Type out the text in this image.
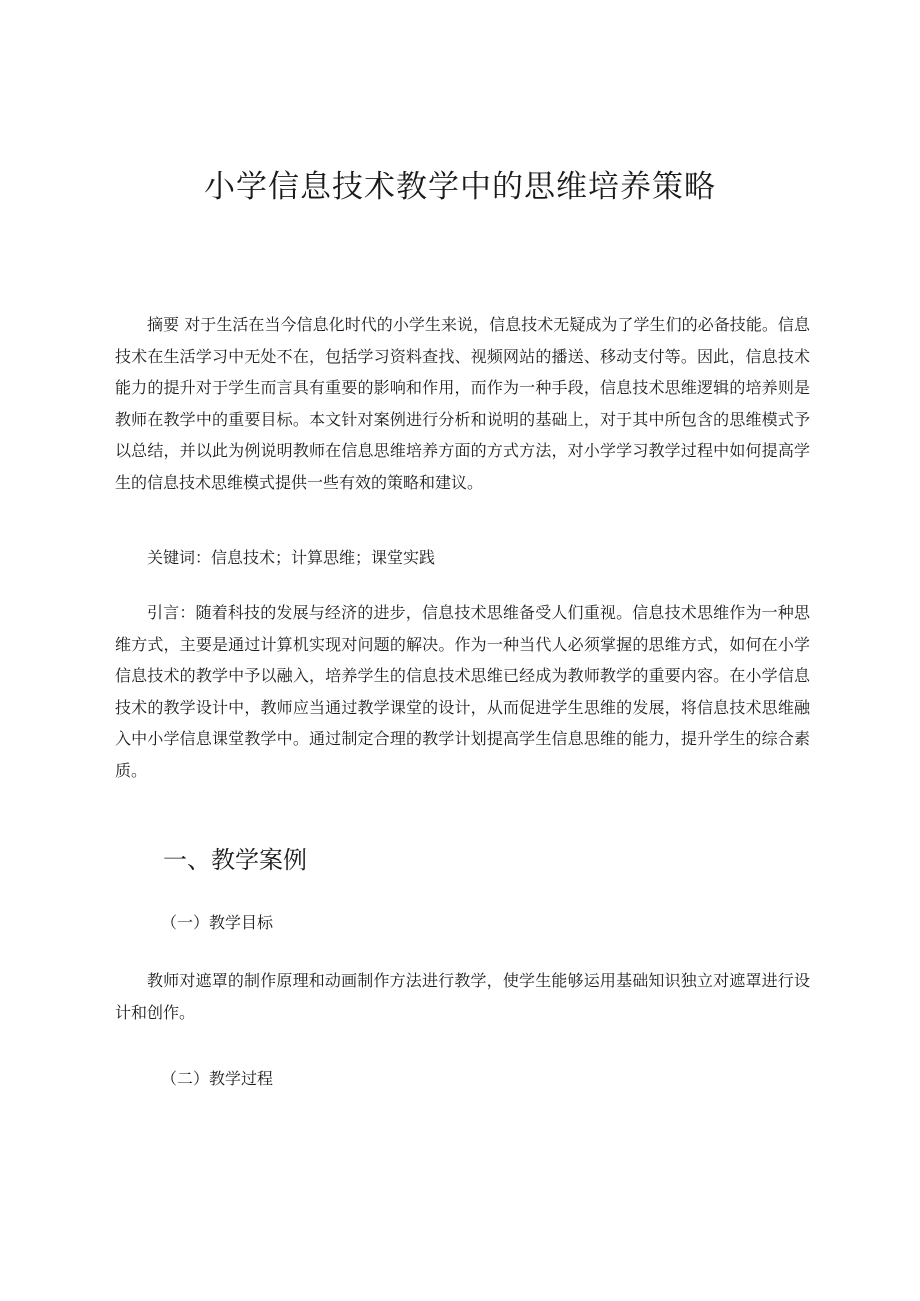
小学信息技术教学中的思维培养策略

摘要 对于生活在当今信息化时代的小学生来说，信息技术无疑成为了学生们的必备技能。信息技术在生活学习中无处不在，包括学习资料查找、视频网站的播送、移动支付等。因此，信息技术能力的提升对于学生而言具有重要的影响和作用，而作为一种手段，信息技术思维逻辑的培养则是教师在教学中的重要目标。本文针对案例进行分析和说明的基础上，对于其中所包含的思维模式予以总结，并以此为例说明教师在信息思维培养方面的方式方法，对小学学习教学过程中如何提高学生的信息技术思维模式提供一些有效的策略和建议。

关键词：信息技术；计算思维；课堂实践

引言：随着科技的发展与经济的进步，信息技术思维备受人们重视。信息技术思维作为一种思维方式，主要是通过计算机实现对问题的解决。作为一种当代人必须掌握的思维方式，如何在小学信息技术的教学中予以融入，培养学生的信息技术思维已经成为教师教学的重要内容。在小学信息技术的教学设计中，教师应当通过教学课堂的设计，从而促进学生思维的发展，将信息技术思维融入中小学信息课堂教学中。通过制定合理的教学计划提高学生信息思维的能力，提升学生的综合素质。

一、教学案例
（一）教学目标

教师对遮罩的制作原理和动画制作方法进行教学，使学生能够运用基础知识独立对遮罩进行设计和创作。

（二）教学过程
